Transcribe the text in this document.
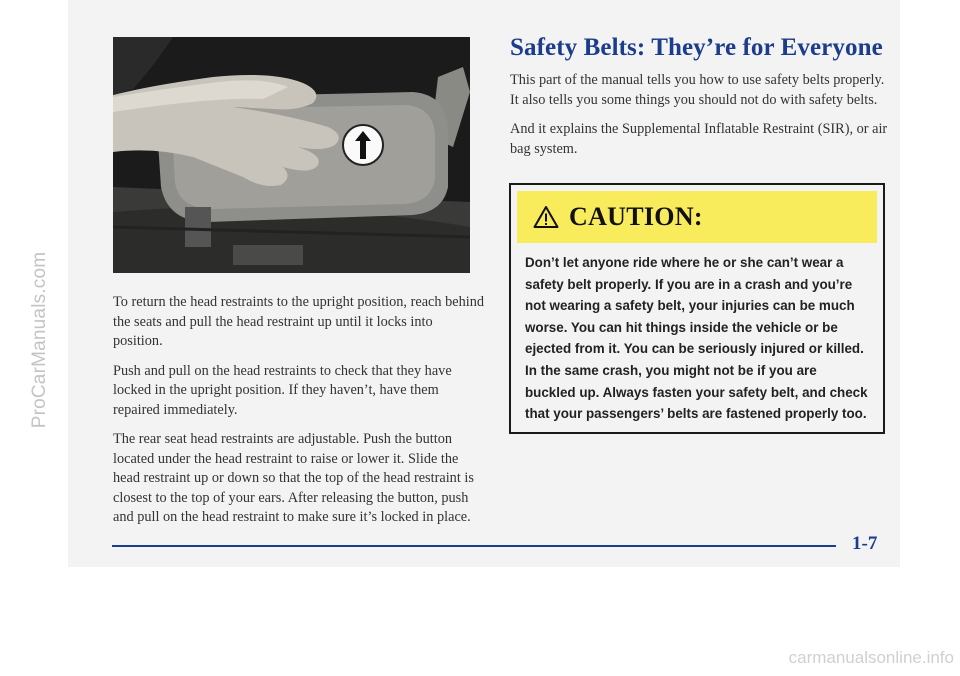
ProCarManuals.com	To return the head restraints to the upright position, reach behind the seats and pull the head restraint up until it locks into position.

Push and pull on the head restraints to check that they have locked in the upright position. If they haven’t, have them repaired immediately.

The rear seat head restraints are adjustable. Push the button located under the head restraint to raise or lower it. Slide the head restraint up or down so that the top of the head restraint is closest to the top of your ears. After releasing the button, push and pull on the head restraint to make sure it’s locked in place.

Safety Belts: They’re for Everyone

This part of the manual tells you how to use safety belts properly. It also tells you some things you should not do with safety belts.

And it explains the Supplemental Inflatable Restraint (SIR), or air bag system.

CAUTION:
Don’t let anyone ride where he or she can’t wear a safety belt properly. If you are in a crash and you’re not wearing a safety belt, your injuries can be much worse. You can hit things inside the vehicle or be ejected from it. You can be seriously injured or killed. In the same crash, you might not be if you are buckled up. Always fasten your safety belt, and check that your passengers’ belts are fastened properly too.
1-7
carmanualsonline.info
